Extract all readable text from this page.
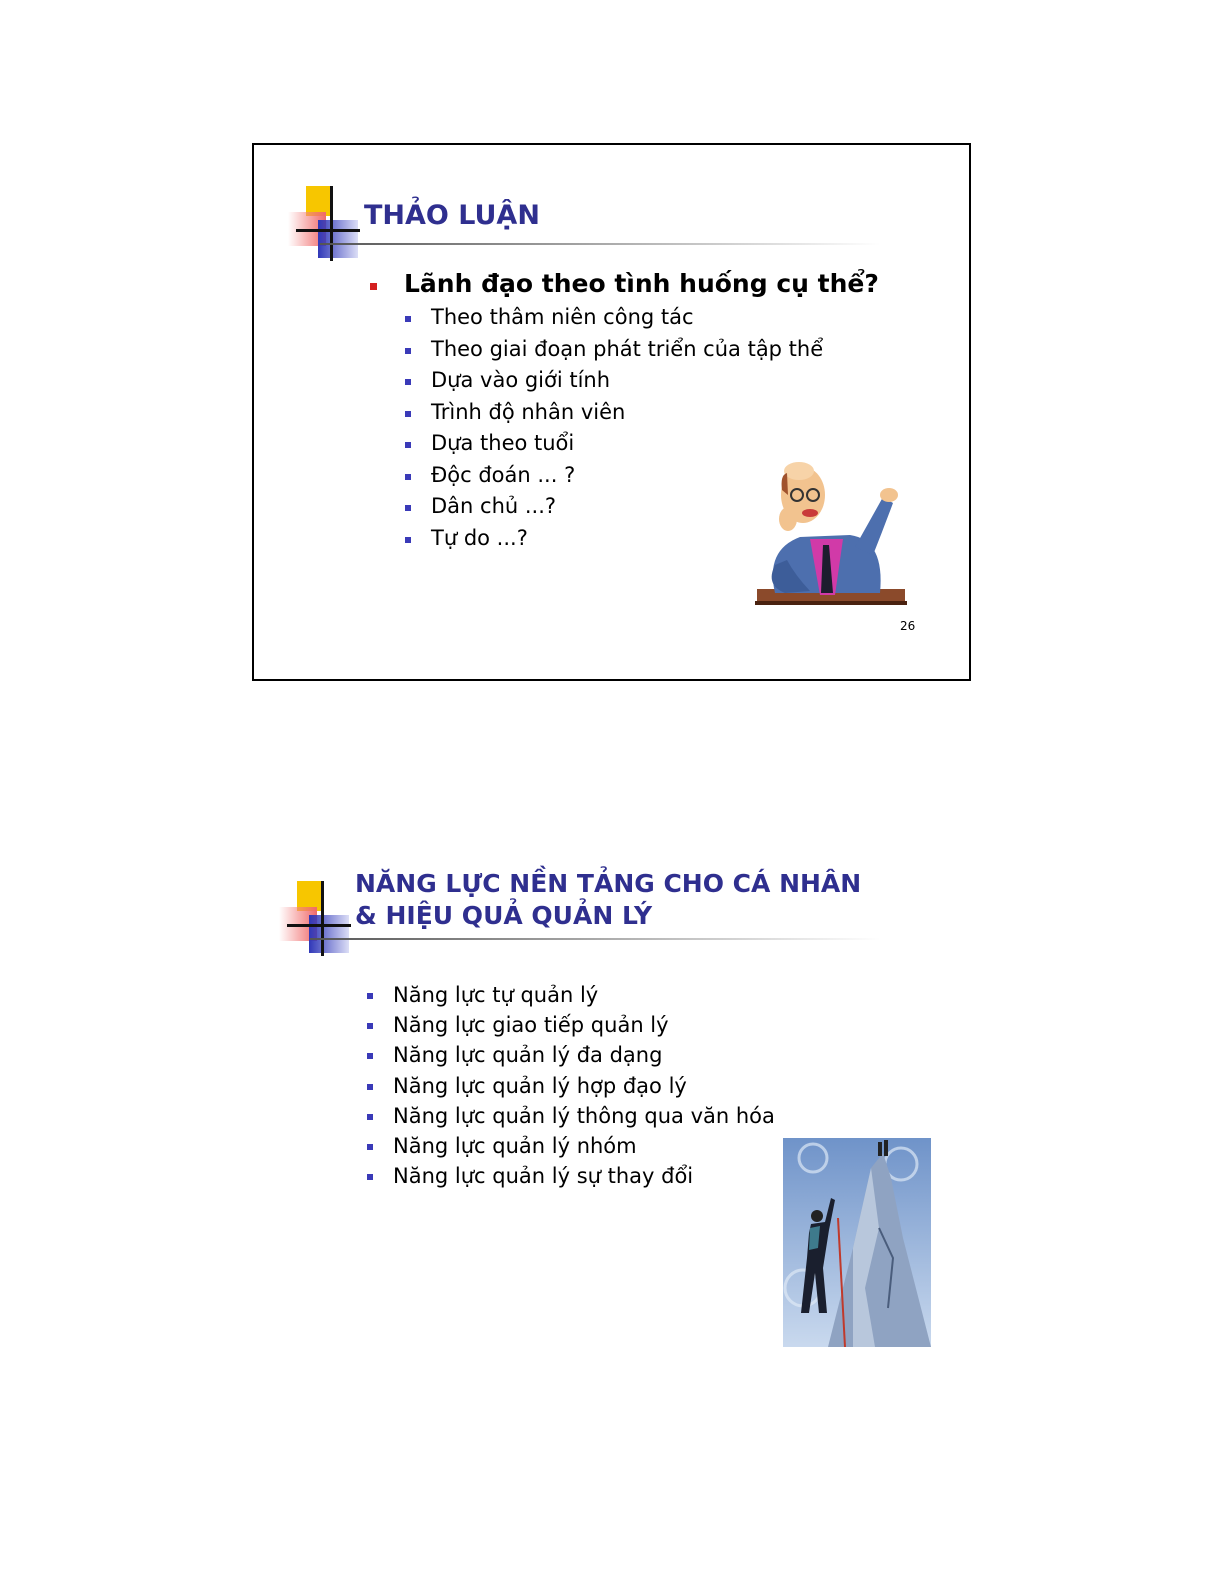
THẢO LUẬN
Lãnh đạo theo tình huống cụ thể?
Theo thâm niên công tác
Theo giai đoạn phát triển của tập thể
Dựa vào giới tính
Trình độ nhân viên
Dựa theo tuổi
Độc đoán ... ?
Dân chủ ...?
Tự do ...?
26
NĂNG LỰC NỀN TẢNG CHO CÁ NHÂN
& HIỆU QUẢ QUẢN LÝ
Năng lực tự quản lý
Năng lực giao tiếp quản lý
Năng lực quản lý đa dạng
Năng lực quản lý hợp đạo lý
Năng lực quản lý thông qua văn hóa
Năng lực quản lý nhóm
Năng lực quản lý sự thay đổi
